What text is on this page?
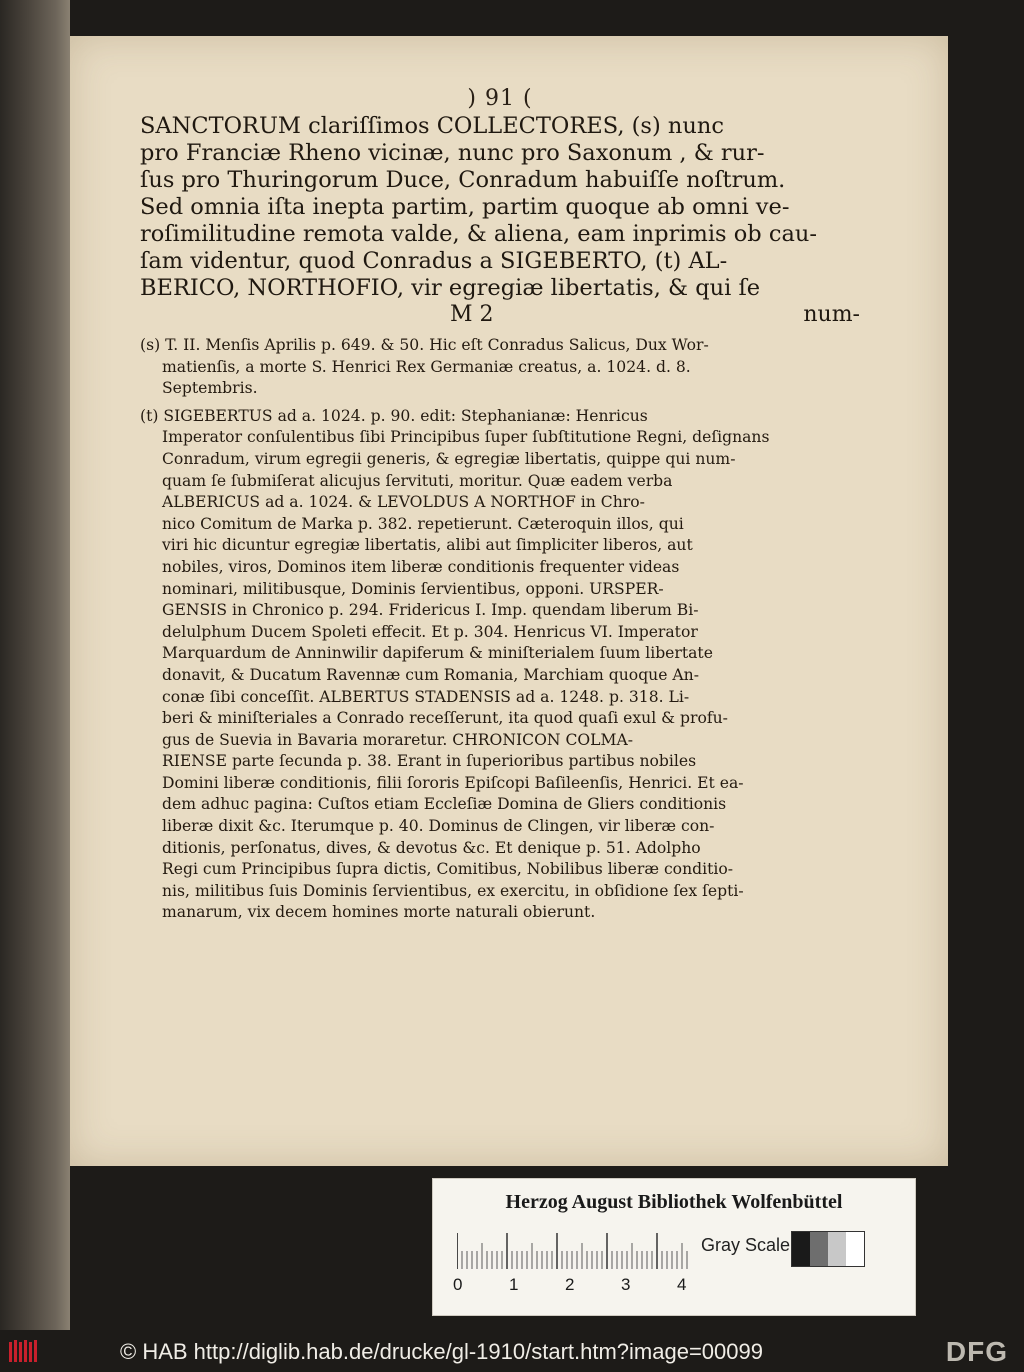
) 91 (
SANCTORUM clariſſimos COLLECTORES, (s) nunc
pro Franciæ Rheno vicinæ, nunc pro Saxonum , & rur-
ſus pro Thuringorum Duce, Conradum habuiſſe noſtrum.
Sed omnia iſta inepta partim, partim quoque ab omni ve-
roſimilitudine remota valde, & aliena, eam inprimis ob cau-
ſam videntur, quod Conradus a SIGEBERTO, (t) AL-
BERICO, NORTHOFIO, vir egregiæ libertatis, & qui ſe
M 2	num-
(s) T. II. Menſis Aprilis p. 649. & 50. Hic eſt Conradus Salicus, Dux Wor-
matienſis, a morte S. Henrici Rex Germaniæ creatus, a. 1024. d. 8.
Septembris.
(t) SIGEBERTUS ad a. 1024. p. 90. edit: Stephanianæ: Henricus
Imperator conſulentibus ſibi Principibus ſuper ſubſtitutione Regni, deſignans
Conradum, virum egregii generis, & egregiæ libertatis, quippe qui num-
quam ſe ſubmiſerat alicujus ſervituti, moritur. Quæ eadem verba
ALBERICUS ad a. 1024. & LEVOLDUS A NORTHOF in Chro-
nico Comitum de Marka p. 382. repetierunt. Cæteroquin illos, qui
viri hic dicuntur egregiæ libertatis, alibi aut ſimpliciter liberos, aut
nobiles, viros, Dominos item liberæ conditionis frequenter videas
nominari, militibusque, Dominis ſervientibus, opponi. URSPER-
GENSIS in Chronico p. 294. Fridericus I. Imp. quendam liberum Bi-
delulphum Ducem Spoleti effecit. Et p. 304. Henricus VI. Imperator
Marquardum de Anninwilir dapiferum & miniſterialem ſuum libertate
donavit, & Ducatum Ravennæ cum Romania, Marchiam quoque An-
conæ ſibi conceſſit. ALBERTUS STADENSIS ad a. 1248. p. 318. Li-
beri & miniſteriales a Conrado receſſerunt, ita quod quaſi exul & profu-
gus de Suevia in Bavaria moraretur. CHRONICON COLMA-
RIENSE parte ſecunda p. 38. Erant in ſuperioribus partibus nobiles
Domini liberæ conditionis, filii ſororis Epiſcopi Baſileenſis, Henrici. Et ea-
dem adhuc pagina: Cuſtos etiam Eccleſiæ Domina de Gliers conditionis
liberæ dixit &c. Iterumque p. 40. Dominus de Clingen, vir liberæ con-
ditionis, perſonatus, dives, & devotus &c. Et denique p. 51. Adolpho
Regi cum Principibus ſupra dictis, Comitibus, Nobilibus liberæ conditio-
nis, militibus ſuis Dominis ſervientibus, ex exercitu, in obſidione ſex ſepti-
manarum, vix decem homines morte naturali obierunt.
Herzog August Bibliothek Wolfenbüttel
0	1	2	3	4
Gray Scale
© HAB http://diglib.hab.de/drucke/gl-1910/start.htm?image=00099	DFG
